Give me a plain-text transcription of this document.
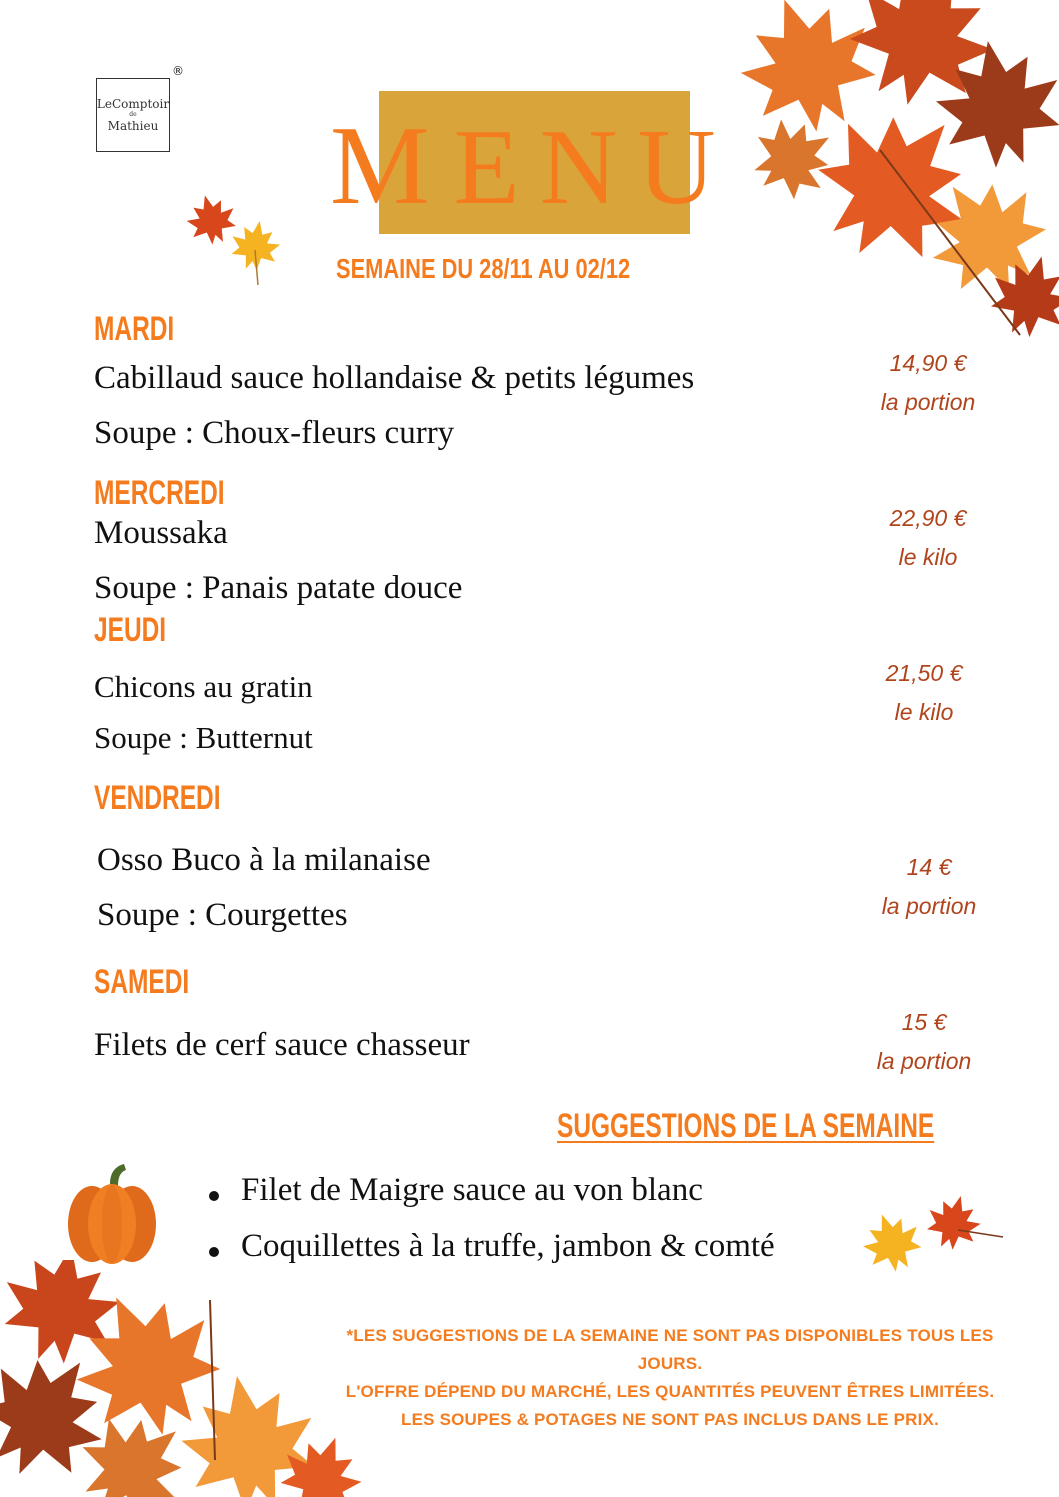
LeComptoir
de
Mathieu
®
MENU
SEMAINE DU 28/11 AU 02/12
MARDI
Cabillaud sauce hollandaise & petits légumes
Soupe : Choux-fleurs curry
14,90 €
la portion
MERCREDI
Moussaka
Soupe : Panais patate douce
22,90 €
le kilo
JEUDI
Chicons au gratin
Soupe : Butternut
21,50 €
le kilo
VENDREDI
Osso Buco à la milanaise
Soupe : Courgettes
14 €
la portion
SAMEDI
Filets de cerf sauce chasseur
15 €
la portion
SUGGESTIONS DE LA SEMAINE
Filet de Maigre sauce au von blanc
Coquillettes à la truffe, jambon & comté
*LES SUGGESTIONS DE LA SEMAINE NE SONT PAS DISPONIBLES TOUS LES
JOURS.
L'OFFRE DÉPEND DU MARCHÉ, LES QUANTITÉS PEUVENT ÊTRES LIMITÉES.
LES SOUPES & POTAGES NE SONT PAS INCLUS DANS LE PRIX.
